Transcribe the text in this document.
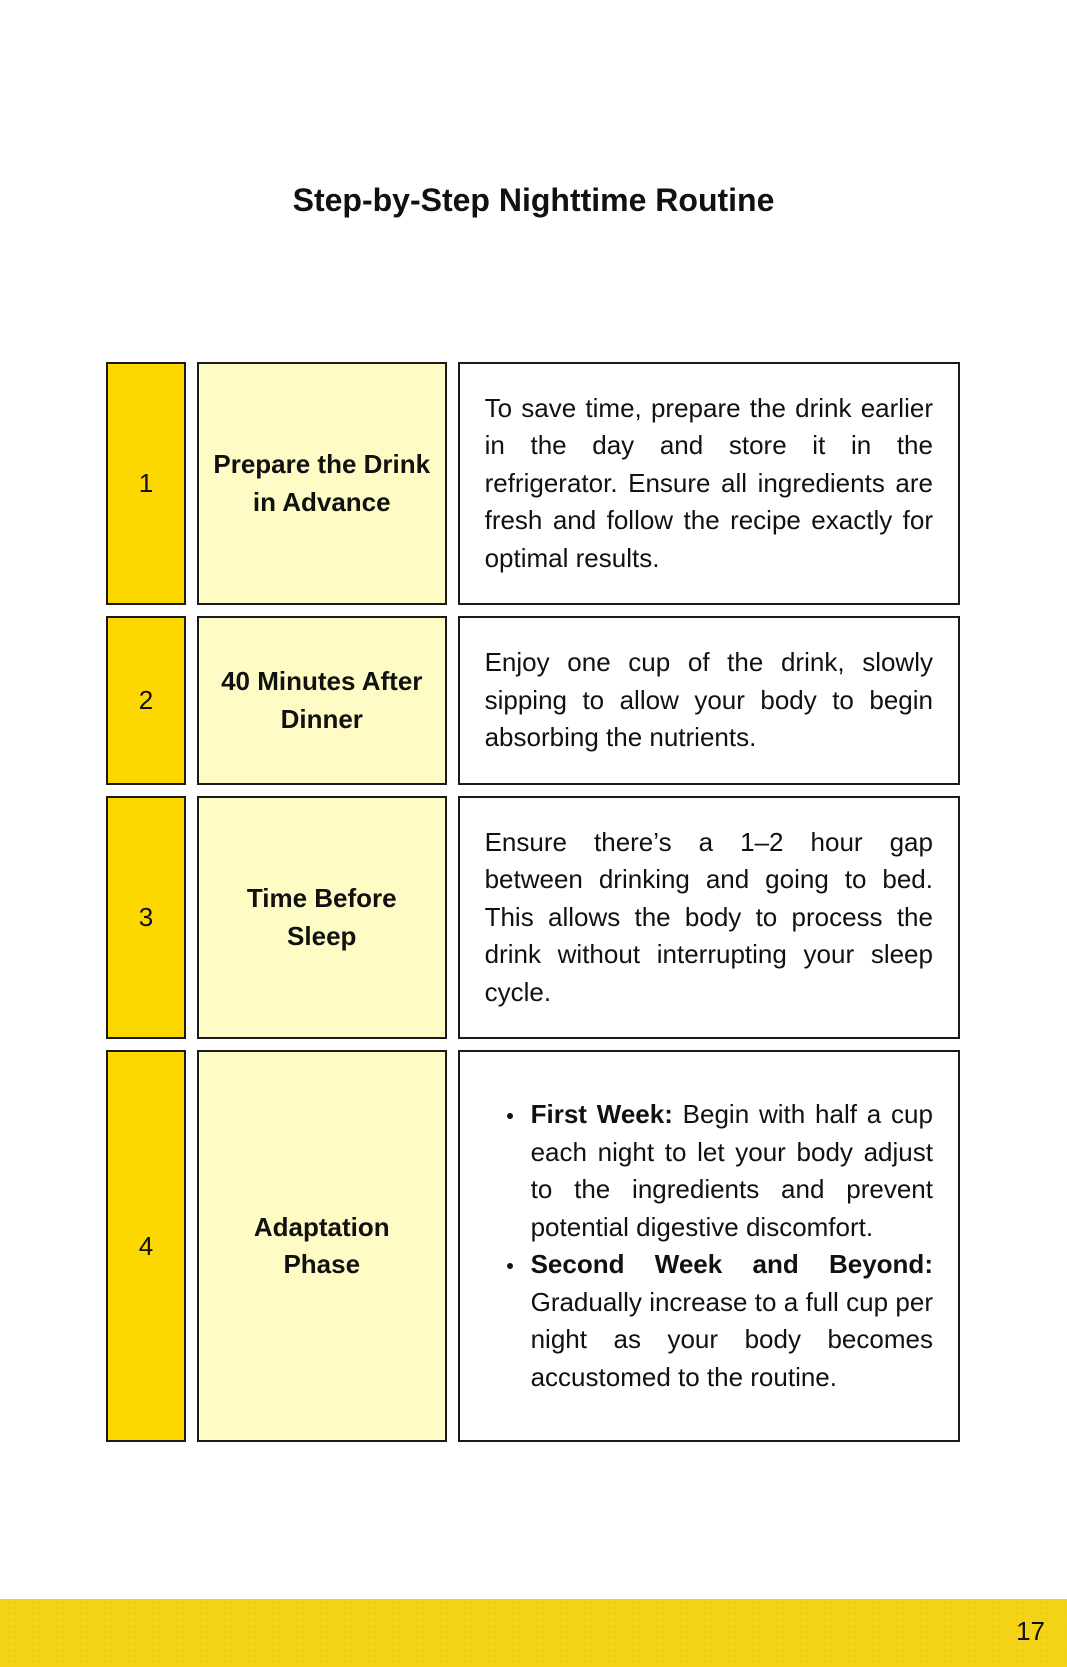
Step-by-Step Nighttime Routine
1
Prepare the Drink in Advance

To save time, prepare the drink earlier in the day and store it in the refrigerator. Ensure all ingredients are fresh and follow the recipe exactly for optimal results.

2
40 Minutes After Dinner

Enjoy one cup of the drink, slowly sipping to allow your body to begin absorbing the nutrients.

3
Time Before Sleep

Ensure there’s a 1–2 hour gap between drinking and going to bed. This allows the body to process the drink without interrupting your sleep cycle.

4
Adaptation Phase
First Week: Begin with half a cup each night to let your body adjust to the ingredients and prevent potential digestive discomfort.
Second Week and Beyond: Gradually increase to a full cup per night as your body becomes accustomed to the routine.
17
